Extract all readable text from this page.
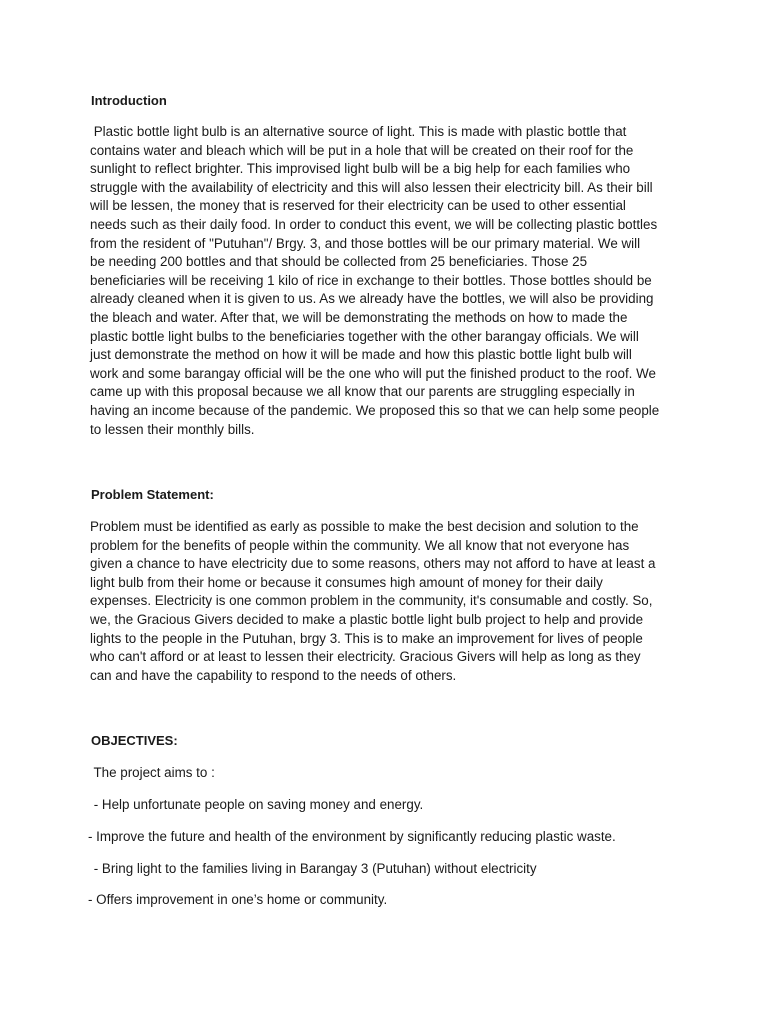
Introduction

Plastic bottle light bulb is an alternative source of light. This is made with plastic bottle that
contains water and bleach which will be put in a hole that will be created on their roof for the
sunlight to reflect brighter. This improvised light bulb will be a big help for each families who
struggle with the availability of electricity and this will also lessen their electricity bill. As their bill
will be lessen, the money that is reserved for their electricity can be used to other essential
needs such as their daily food. In order to conduct this event, we will be collecting plastic bottles
from the resident of "Putuhan"/ Brgy. 3, and those bottles will be our primary material. We will
be needing 200 bottles and that should be collected from 25 beneficiaries. Those 25
beneficiaries will be receiving 1 kilo of rice in exchange to their bottles. Those bottles should be
already cleaned when it is given to us. As we already have the bottles, we will also be providing
the bleach and water. After that, we will be demonstrating the methods on how to made the
plastic bottle light bulbs to the beneficiaries together with the other barangay officials. We will
just demonstrate the method on how it will be made and how this plastic bottle light bulb will
work and some barangay official will be the one who will put the finished product to the roof. We
came up with this proposal because we all know that our parents are struggling especially in
having an income because of the pandemic. We proposed this so that we can help some people
to lessen their monthly bills.

Problem Statement:

Problem must be identified as early as possible to make the best decision and solution to the
problem for the benefits of people within the community. We all know that not everyone has
given a chance to have electricity due to some reasons, others may not afford to have at least a
light bulb from their home or because it consumes high amount of money for their daily
expenses. Electricity is one common problem in the community, it's consumable and costly. So,
we, the Gracious Givers decided to make a plastic bottle light bulb project to help and provide
lights to the people in the Putuhan, brgy 3. This is to make an improvement for lives of people
who can't afford or at least to lessen their electricity. Gracious Givers will help as long as they
can and have the capability to respond to the needs of others.

OBJECTIVES:

The project aims to :

- Help unfortunate people on saving money and energy.

- Improve the future and health of the environment by significantly reducing plastic waste.

- Bring light to the families living in Barangay 3 (Putuhan) without electricity

- Offers improvement in one’s home or community.
